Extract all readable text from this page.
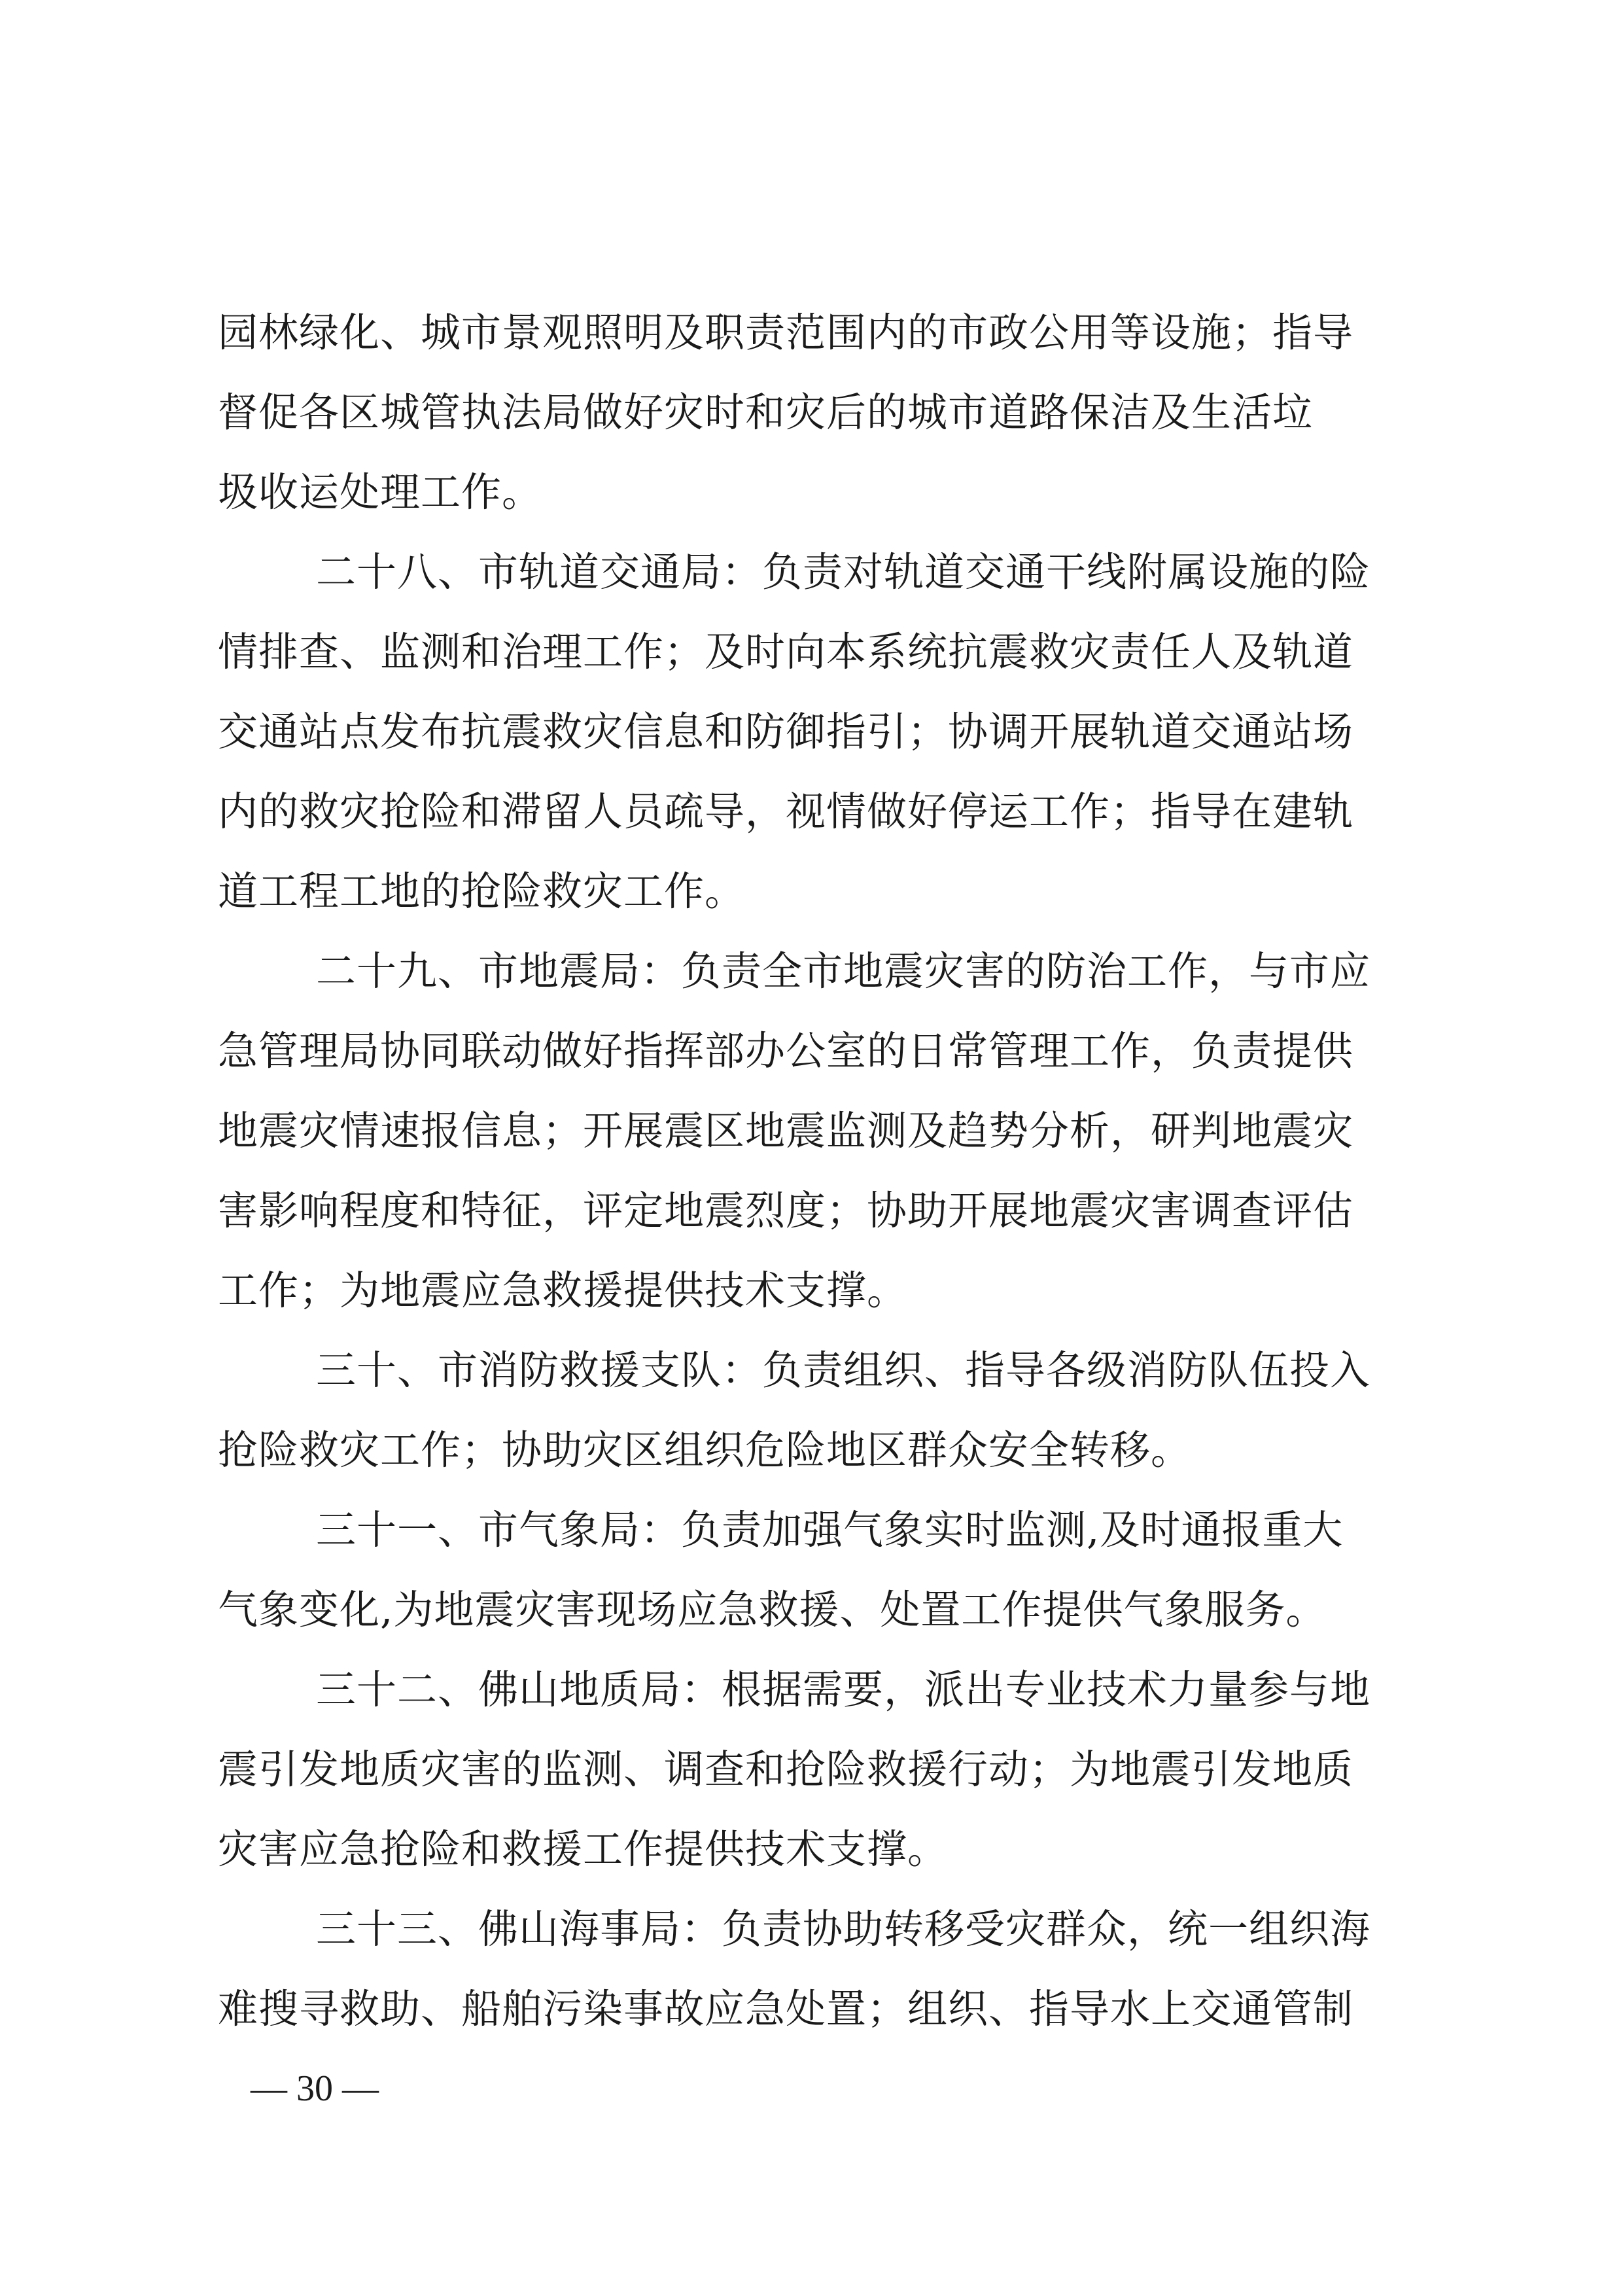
园林绿化、城市景观照明及职责范围内的市政公用等设施；指导
督促各区城管执法局做好灾时和灾后的城市道路保洁及生活垃
圾收运处理工作。
二十八、市轨道交通局：负责对轨道交通干线附属设施的险
情排查、监测和治理工作；及时向本系统抗震救灾责任人及轨道
交通站点发布抗震救灾信息和防御指引；协调开展轨道交通站场
内的救灾抢险和滞留人员疏导，视情做好停运工作；指导在建轨
道工程工地的抢险救灾工作。
二十九、市地震局：负责全市地震灾害的防治工作，与市应
急管理局协同联动做好指挥部办公室的日常管理工作，负责提供
地震灾情速报信息；开展震区地震监测及趋势分析，研判地震灾
害影响程度和特征，评定地震烈度；协助开展地震灾害调查评估
工作；为地震应急救援提供技术支撑。
三十、市消防救援支队：负责组织、指导各级消防队伍投入
抢险救灾工作；协助灾区组织危险地区群众安全转移。
三十一、市气象局：负责加强气象实时监测,及时通报重大
气象变化,为地震灾害现场应急救援、处置工作提供气象服务。
三十二、佛山地质局：根据需要，派出专业技术力量参与地
震引发地质灾害的监测、调查和抢险救援行动；为地震引发地质
灾害应急抢险和救援工作提供技术支撑。
三十三、佛山海事局：负责协助转移受灾群众，统一组织海
难搜寻救助、船舶污染事故应急处置；组织、指导水上交通管制
— 30 —
